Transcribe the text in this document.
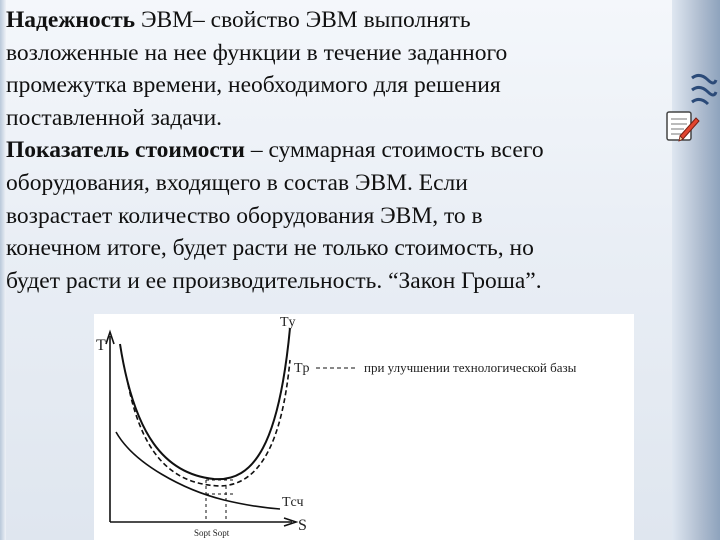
Надежность ЭВМ– свойство ЭВМ выполнять
возложенные на нее функции в течение заданного
промежутка времени, необходимого для решения
поставленной задачи.

Показатель стоимости – суммарная стоимость всего
оборудования, входящего в состав ЭВМ. Если
возрастает количество оборудования ЭВМ, то в
конечном итоге, будет расти не только стоимость, но
будет расти и ее производительность. “Закон Гроша”.

T
S
Tу
Tр
Tсч
при улучшении технологической базы
Sopt Sopt
